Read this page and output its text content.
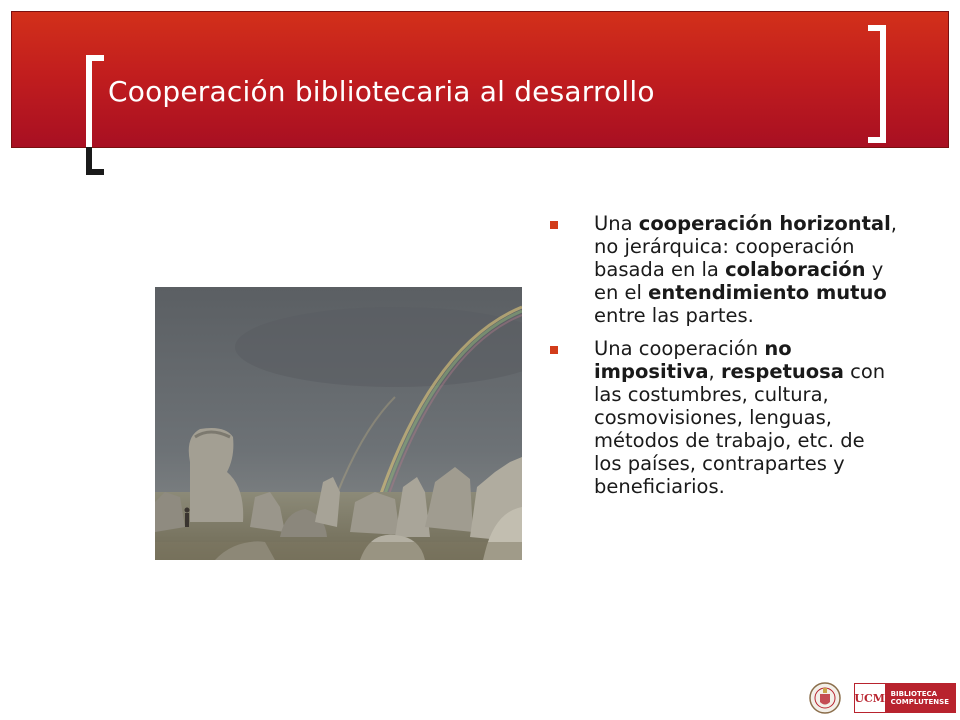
Cooperación bibliotecaria al desarrollo
Una cooperación horizontal, no jerárquica: cooperación basada en la colaboración y en el entendimiento mutuo entre las partes.
Una cooperación no impositiva, respetuosa con las costumbres, cultura, cosmovisiones, lenguas, métodos de trabajo, etc. de los países, contrapartes y beneficiarios.
UCM BIBLIOTECA
COMPLUTENSE
